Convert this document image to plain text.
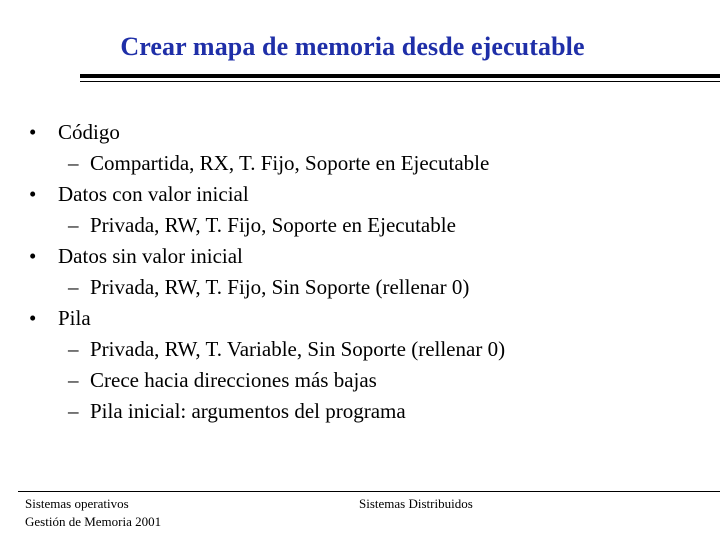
Crear mapa de memoria desde ejecutable
• Código
– Compartida, RX, T. Fijo, Soporte en Ejecutable
• Datos con valor inicial
– Privada, RW, T. Fijo, Soporte en Ejecutable
• Datos sin valor inicial
– Privada, RW, T. Fijo, Sin Soporte (rellenar 0)
• Pila
– Privada, RW, T. Variable, Sin Soporte (rellenar 0)
– Crece hacia direcciones más bajas
– Pila inicial: argumentos del programa
Sistemas operativos
Gestión de Memoria 2001
Sistemas Distribuidos
